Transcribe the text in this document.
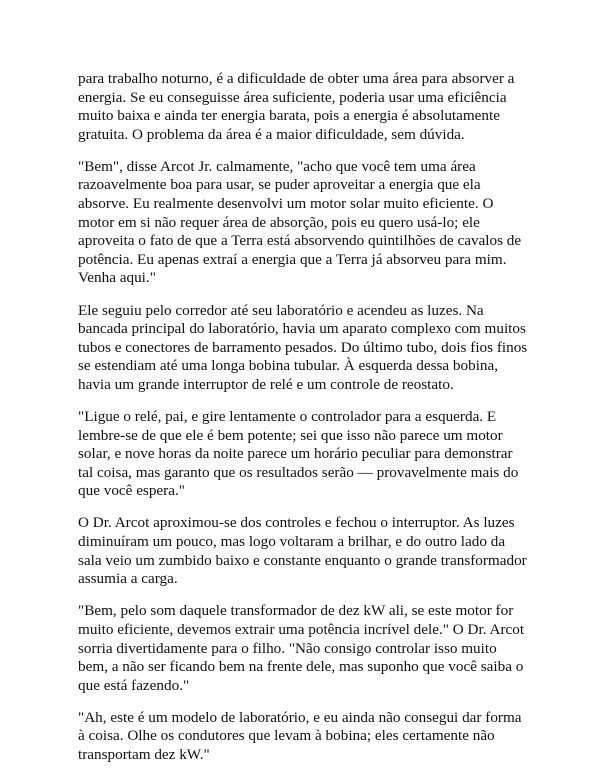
para trabalho noturno, é a dificuldade de obter uma área para absorver a energia. Se eu conseguisse área suficiente, poderia usar uma eficiência muito baixa e ainda ter energia barata, pois a energia é absolutamente gratuita. O problema da área é a maior dificuldade, sem dúvida.

"Bem", disse Arcot Jr. calmamente, "acho que você tem uma área razoavelmente boa para usar, se puder aproveitar a energia que ela absorve. Eu realmente desenvolvi um motor solar muito eficiente. O motor em si não requer área de absorção, pois eu quero usá-lo; ele aproveita o fato de que a Terra está absorvendo quintilhões de cavalos de potência. Eu apenas extraí a energia que a Terra já absorveu para mim. Venha aqui."

Ele seguiu pelo corredor até seu laboratório e acendeu as luzes. Na bancada principal do laboratório, havia um aparato complexo com muitos tubos e conectores de barramento pesados. Do último tubo, dois fios finos se estendiam até uma longa bobina tubular. À esquerda dessa bobina, havia um grande interruptor de relé e um controle de reostato.

"Ligue o relé, pai, e gire lentamente o controlador para a esquerda. E lembre-se de que ele é bem potente; sei que isso não parece um motor solar, e nove horas da noite parece um horário peculiar para demonstrar tal coisa, mas garanto que os resultados serão — provavelmente mais do que você espera."

O Dr. Arcot aproximou-se dos controles e fechou o interruptor. As luzes diminuíram um pouco, mas logo voltaram a brilhar, e do outro lado da sala veio um zumbido baixo e constante enquanto o grande transformador assumia a carga.

"Bem, pelo som daquele transformador de dez kW ali, se este motor for muito eficiente, devemos extrair uma potência incrível dele." O Dr. Arcot sorria divertidamente para o filho. "Não consigo controlar isso muito bem, a não ser ficando bem na frente dele, mas suponho que você saiba o que está fazendo."

"Ah, este é um modelo de laboratório, e eu ainda não consegui dar forma à coisa. Olhe os condutores que levam à bobina; eles certamente não transportam dez kW."
